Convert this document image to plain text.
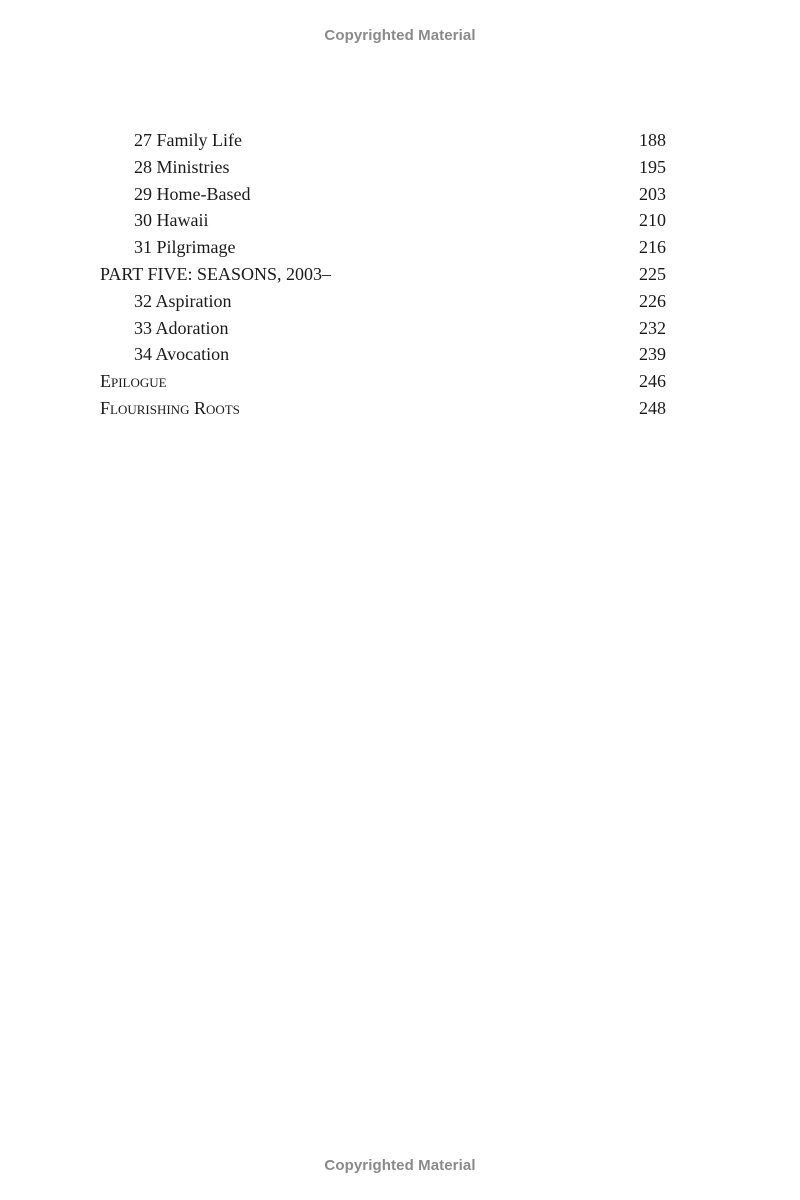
Copyrighted Material
27 Family Life	188
28 Ministries	195
29 Home-Based	203
30 Hawaii	210
31 Pilgrimage	216
PART FIVE: SEASONS, 2003–	225
32 Aspiration	226
33 Adoration	232
34 Avocation	239
Epilogue	246
Flourishing Roots	248
Copyrighted Material
